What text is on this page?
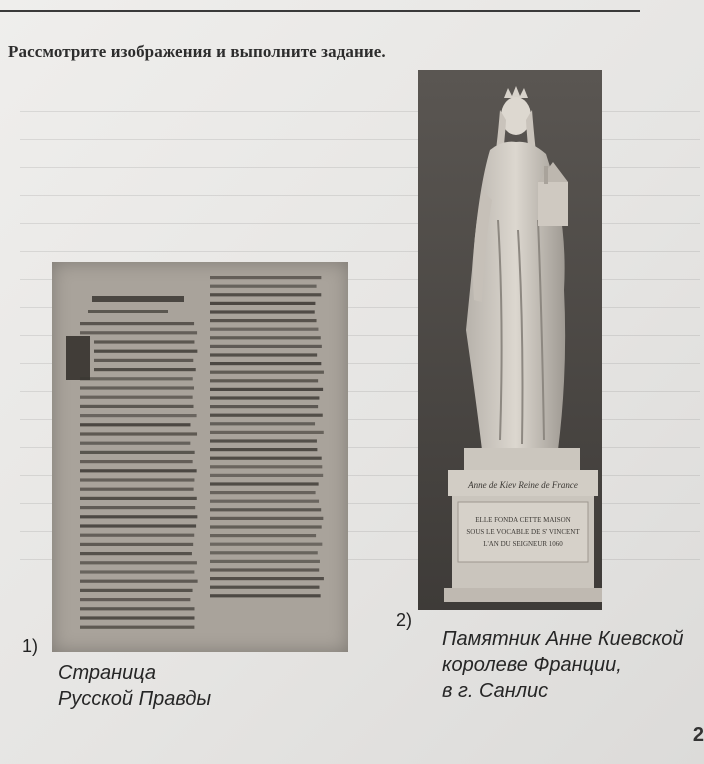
Рассмотрите изображения и выполните задание.
Anne de Kiev Reine de France
ELLE FONDA CETTE MAISON
SOUS LE VOCABLE DE S' VINCENT
L'AN DU SEIGNEUR 1060
1)
2)
Страница
Русской Правды
Памятник Анне Киевской
королеве Франции,
в г. Санлис
2
